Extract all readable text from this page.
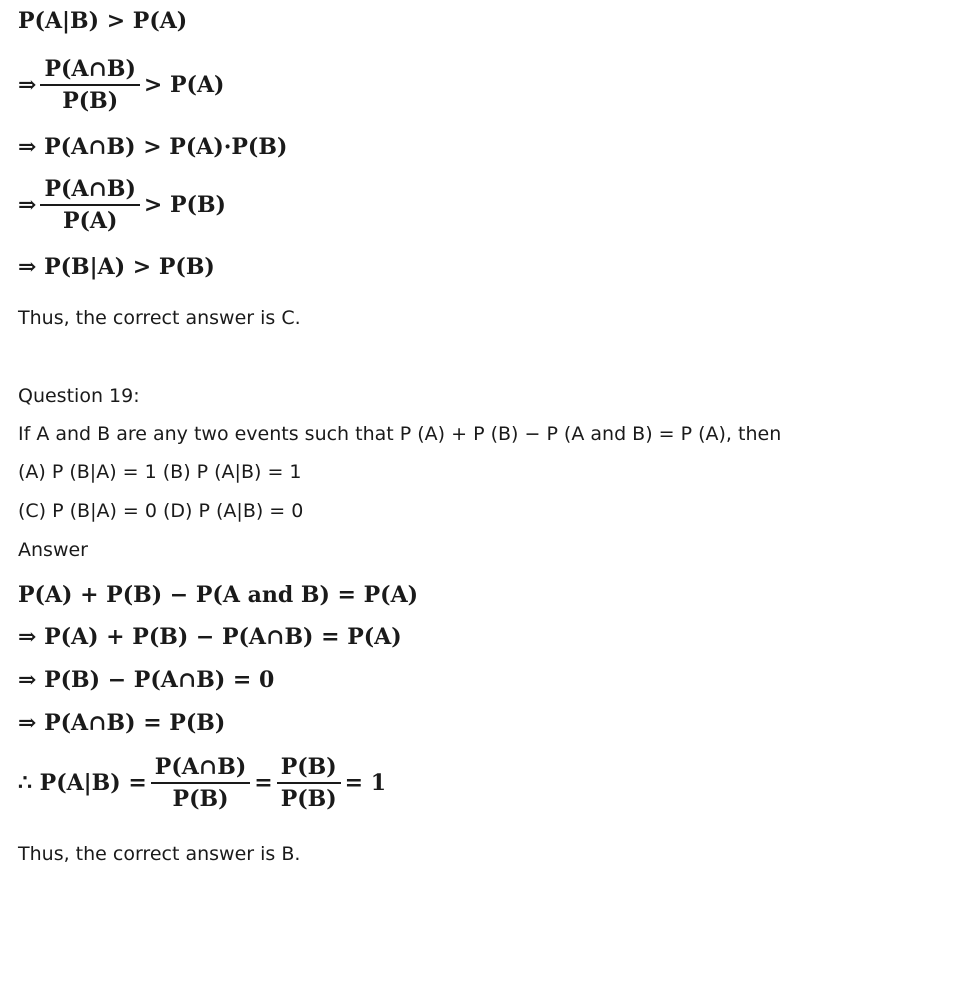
P(A|B) > P(A)
⇒ $\frac{P(A\cap B)}{P(B)} > P(A)$
⇒ P(A∩B) > P(A)·P(B)
⇒ $\frac{P(A\cap B)}{P(A)} > P(B)$
⇒ P(B|A) > P(B)
Thus, the correct answer is C.
Question 19:
If A and B are any two events such that P (A) + P (B) − P (A and B) = P (A), then
(A) P (B|A) = 1 (B) P (A|B) = 1
(C) P (B|A) = 0 (D) P (A|B) = 0
Answer
P(A) + P(B) − P(A and B) = P(A)
⇒ P(A) + P(B) − P(A∩B) = P(A)
⇒ P(B) − P(A∩B) = 0
⇒ P(A∩B) = P(B)
∴ $P(A|B) = \frac{P(A\cap B)}{P(B)} = \frac{P(B)}{P(B)} = 1$
Thus, the correct answer is B.
